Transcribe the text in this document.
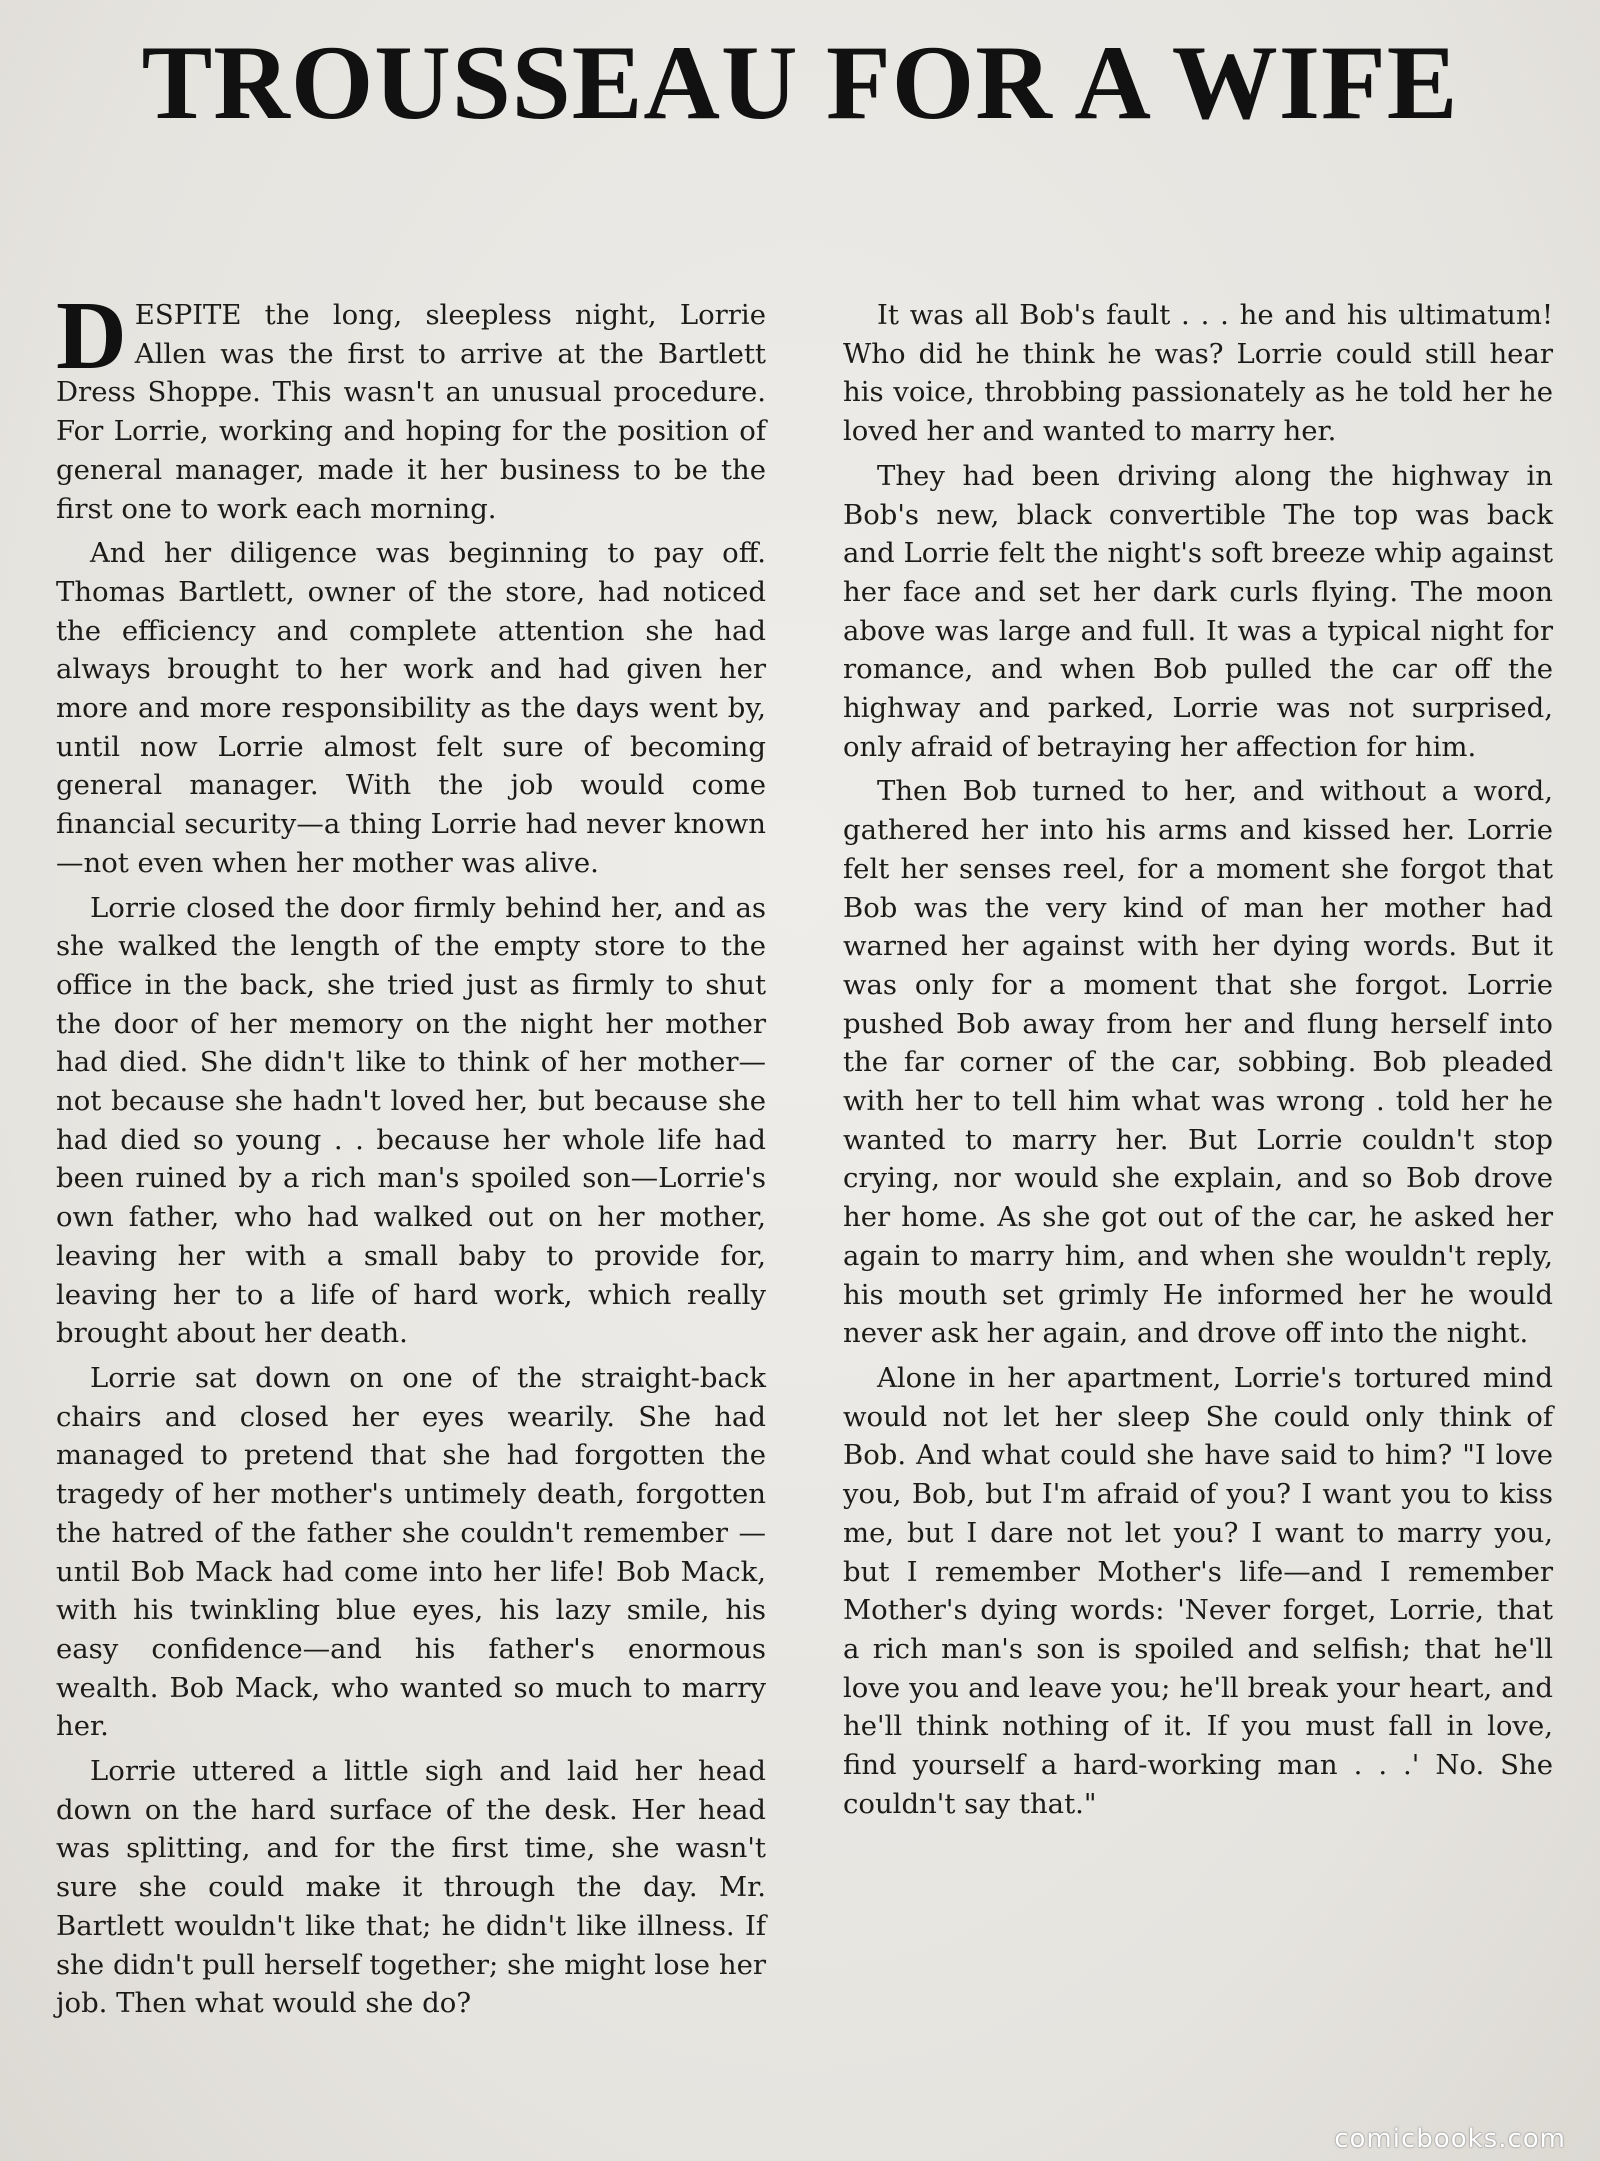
TROUSSEAU FOR A WIFE

DESPITE the long, sleepless night, Lorrie Allen was the first to arrive at the Bartlett Dress Shoppe. This wasn't an unusual procedure. For Lorrie, working and hoping for the position of general manager, made it her business to be the first one to work each morning.

And her diligence was beginning to pay off. Thomas Bartlett, owner of the store, had noticed the efficiency and complete attention she had always brought to her work and had given her more and more responsibility as the days went by, until now Lorrie almost felt sure of becoming general manager. With the job would come financial security—a thing Lorrie had never known—not even when her mother was alive.

Lorrie closed the door firmly behind her, and as she walked the length of the empty store to the office in the back, she tried just as firmly to shut the door of her memory on the night her mother had died. She didn't like to think of her mother—not because she hadn't loved her, but because she had died so young . . because her whole life had been ruined by a rich man's spoiled son—Lorrie's own father, who had walked out on her mother, leaving her with a small baby to provide for, leaving her to a life of hard work, which really brought about her death.

Lorrie sat down on one of the straight-back chairs and closed her eyes wearily. She had managed to pretend that she had forgotten the tragedy of her mother's untimely death, forgotten the hatred of the father she couldn't remember — until Bob Mack had come into her life! Bob Mack, with his twinkling blue eyes, his lazy smile, his easy confidence—and his father's enormous wealth. Bob Mack, who wanted so much to marry her.

Lorrie uttered a little sigh and laid her head down on the hard surface of the desk. Her head was splitting, and for the first time, she wasn't sure she could make it through the day. Mr. Bartlett wouldn't like that; he didn't like illness. If she didn't pull herself together; she might lose her job. Then what would she do?

It was all Bob's fault . . . he and his ultimatum! Who did he think he was? Lorrie could still hear his voice, throbbing passionately as he told her he loved her and wanted to marry her.

They had been driving along the highway in Bob's new, black convertible The top was back and Lorrie felt the night's soft breeze whip against her face and set her dark curls flying. The moon above was large and full. It was a typical night for romance, and when Bob pulled the car off the highway and parked, Lorrie was not surprised, only afraid of betraying her affection for him.

Then Bob turned to her, and without a word, gathered her into his arms and kissed her. Lorrie felt her senses reel, for a moment she forgot that Bob was the very kind of man her mother had warned her against with her dying words. But it was only for a moment that she forgot. Lorrie pushed Bob away from her and flung herself into the far corner of the car, sobbing. Bob pleaded with her to tell him what was wrong . told her he wanted to marry her. But Lorrie couldn't stop crying, nor would she explain, and so Bob drove her home. As she got out of the car, he asked her again to marry him, and when she wouldn't reply, his mouth set grimly He informed her he would never ask her again, and drove off into the night.

Alone in her apartment, Lorrie's tortured mind would not let her sleep She could only think of Bob. And what could she have said to him? "I love you, Bob, but I'm afraid of you? I want you to kiss me, but I dare not let you? I want to marry you, but I remember Mother's life—and I remember Mother's dying words: 'Never forget, Lorrie, that a rich man's son is spoiled and selfish; that he'll love you and leave you; he'll break your heart, and he'll think nothing of it. If you must fall in love, find yourself a hard-working man . . .' No. She couldn't say that."

comicbooks.com
